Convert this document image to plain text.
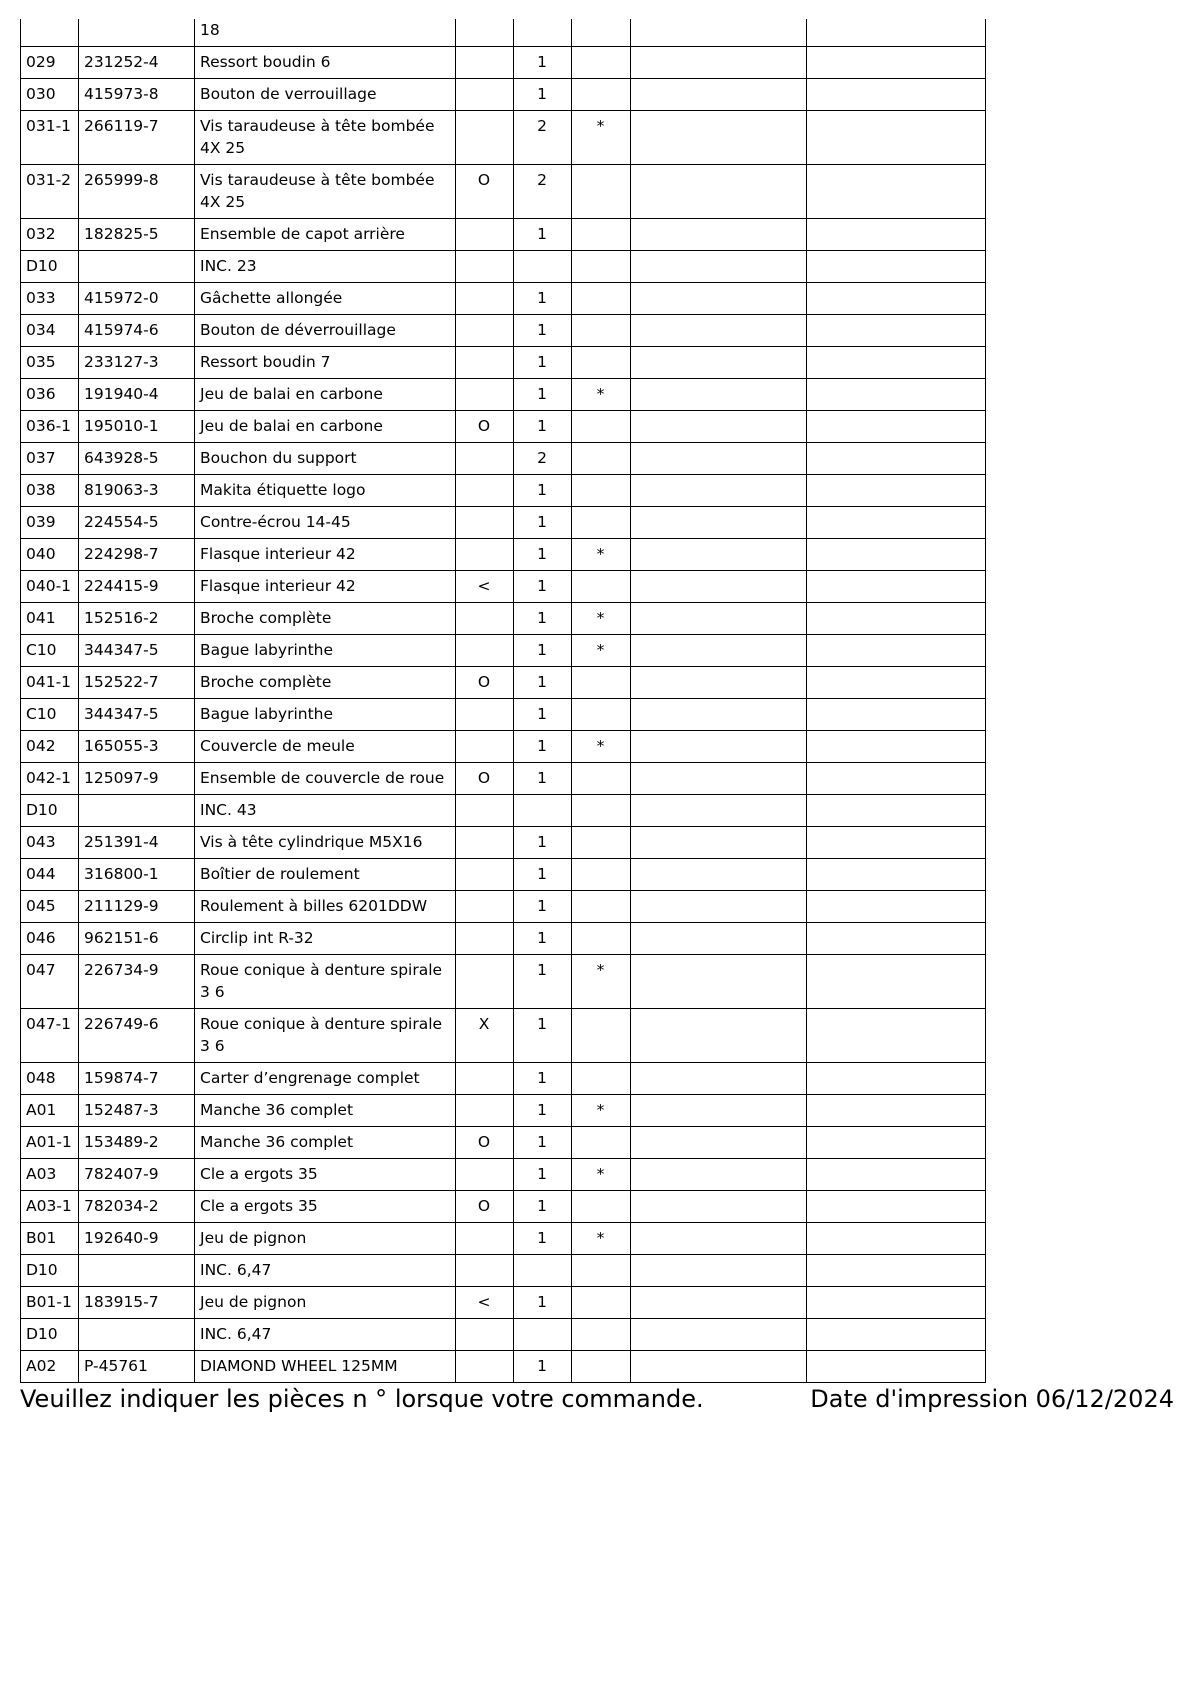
		18					
029	231252-4	Ressort boudin 6		1			
030	415973-8	Bouton de verrouillage		1			
031-1	266119-7	Vis taraudeuse à tête bombée 4X 25		2	*		
031-2	265999-8	Vis taraudeuse à tête bombée 4X 25	O	2			
032	182825-5	Ensemble de capot arrière		1			
D10		INC. 23					
033	415972-0	Gâchette allongée		1			
034	415974-6	Bouton de déverrouillage		1			
035	233127-3	Ressort boudin 7		1			
036	191940-4	Jeu de balai en carbone		1	*		
036-1	195010-1	Jeu de balai en carbone	O	1			
037	643928-5	Bouchon du support		2			
038	819063-3	Makita étiquette logo		1			
039	224554-5	Contre-écrou 14-45		1			
040	224298-7	Flasque interieur 42		1	*		
040-1	224415-9	Flasque interieur 42	<	1			
041	152516-2	Broche complète		1	*		
C10	344347-5	Bague labyrinthe		1	*		
041-1	152522-7	Broche complète	O	1			
C10	344347-5	Bague labyrinthe		1			
042	165055-3	Couvercle de meule		1	*		
042-1	125097-9	Ensemble de couvercle de roue	O	1			
D10		INC. 43					
043	251391-4	Vis à tête cylindrique M5X16		1			
044	316800-1	Boîtier de roulement		1			
045	211129-9	Roulement à billes 6201DDW		1			
046	962151-6	Circlip int R-32		1			
047	226734-9	Roue conique à denture spirale 3 6		1	*		
047-1	226749-6	Roue conique à denture spirale 3 6	X	1			
048	159874-7	Carter d’engrenage complet		1			
A01	152487-3	Manche 36 complet		1	*		
A01-1	153489-2	Manche 36 complet	O	1			
A03	782407-9	Cle a ergots 35		1	*		
A03-1	782034-2	Cle a ergots 35	O	1			
B01	192640-9	Jeu de pignon		1	*		
D10		INC. 6,47					
B01-1	183915-7	Jeu de pignon	<	1			
D10		INC. 6,47					
A02	P-45761	DIAMOND WHEEL 125MM		1			
Veuillez indiquer les pièces n ° lorsque votre commande.	Date d'impression 06/12/2024
